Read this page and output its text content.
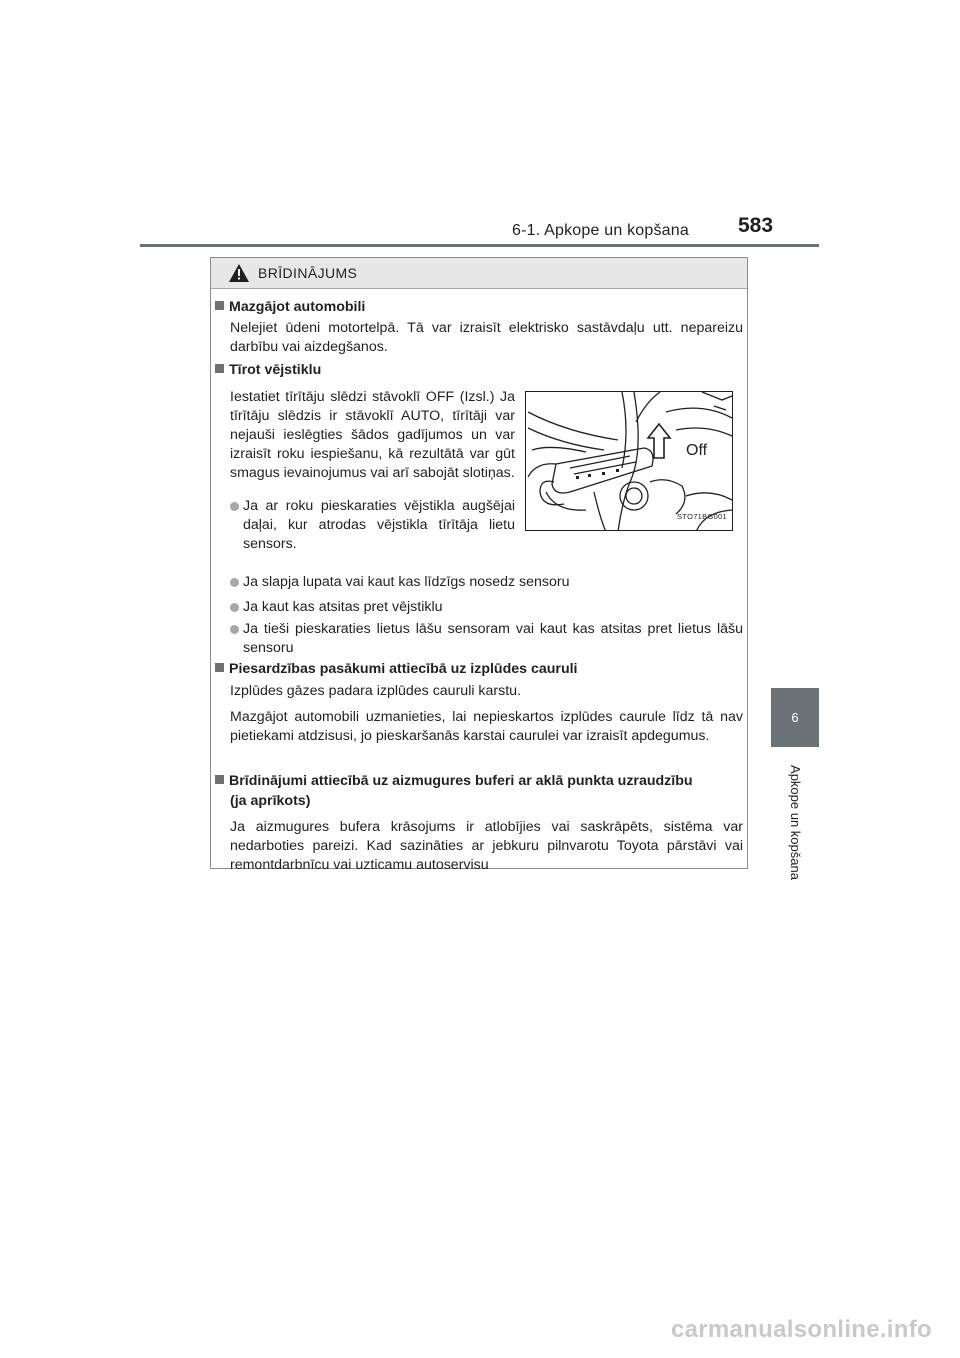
6-1. Apkope un kopšana 583
6
Apkope un kopšana
BRĪDINĀJUMS
Mazgājot automobili
Nelejiet ūdeni motortelpā. Tā var izraisīt elektrisko sastāvdaļu utt. nepareizu darbību vai aizdegšanos.
Tīrot vējstiklu
Iestatiet tīrītāju slēdzi stāvoklī OFF (Izsl.) Ja tīrītāju slēdzis ir stāvoklī AUTO, tīrītāji var nejauši ieslēgties šādos gadījumos un var izraisīt roku iespiešanu, kā rezultātā var gūt smagus ievainojumus vai arī sabojāt slotiņas.
Ja ar roku pieskaraties vējstikla augšējai daļai, kur atrodas vējstikla tīrītāja lietu sensors.
Off
STO71BG001
Ja slapja lupata vai kaut kas līdzīgs nosedz sensoru
Ja kaut kas atsitas pret vējstiklu
Ja tieši pieskaraties lietus lāšu sensoram vai kaut kas atsitas pret lietus lāšu sensoru
Piesardzības pasākumi attiecībā uz izplūdes cauruli
Izplūdes gāzes padara izplūdes cauruli karstu.
Mazgājot automobili uzmanieties, lai nepieskartos izplūdes caurule līdz tā nav pietiekami atdzisusi, jo pieskaršanās karstai caurulei var izraisīt apdegumus.
Brīdinājumi attiecībā uz aizmugures buferi ar aklā punkta uzraudzību
(ja aprīkots)
Ja aizmugures bufera krāsojums ir atlobījies vai saskrāpēts, sistēma var nedarboties pareizi. Kad sazināties ar jebkuru pilnvarotu Toyota pārstāvi vai remontdarbnīcu vai uzticamu autoservisu
carmanualsonline.info
